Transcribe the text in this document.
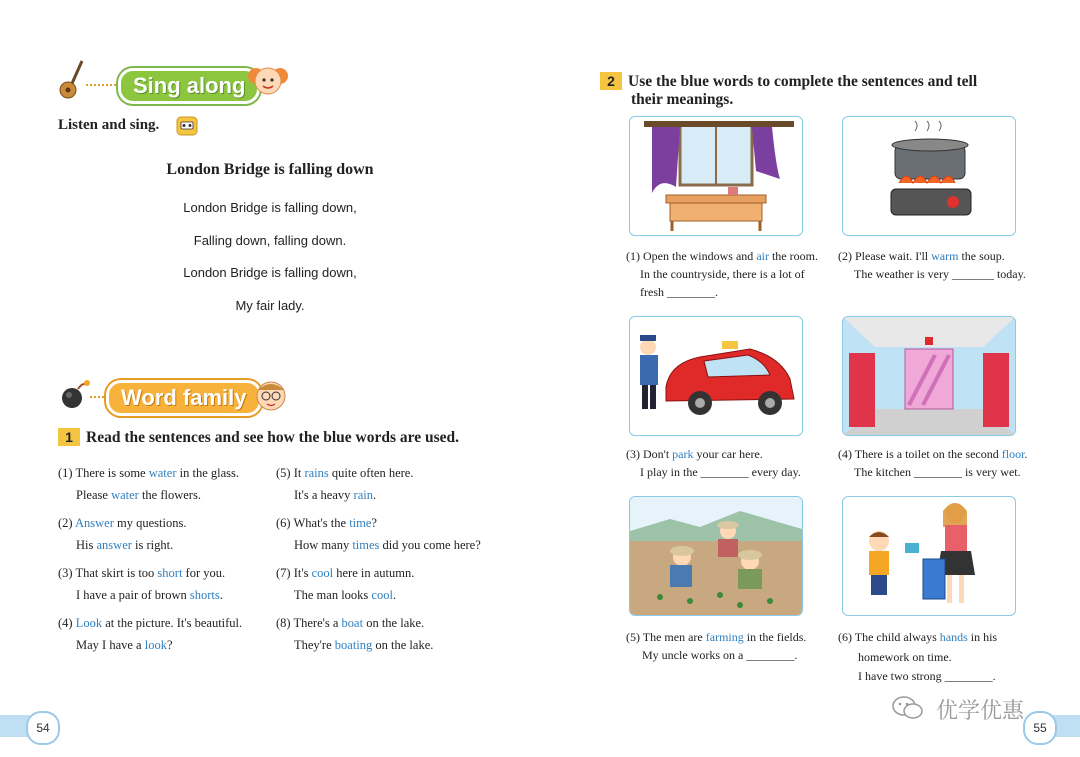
Sing along
Listen and sing.
London Bridge is falling down
London Bridge is falling down,
Falling down, falling down.
London Bridge is falling down,
My fair lady.
Word family
1 Read the sentences and see how the blue words are used.
(1) There is some water in the glass.
Please water the flowers.
(2) Answer my questions.
His answer is right.
(3) That skirt is too short for you.
I have a pair of brown shorts.
(4) Look at the picture. It's beautiful.
May I have a look?
(5) It rains quite often here.
It's a heavy rain.
(6) What's the time?
How many times did you come here?
(7) It's cool here in autumn.
The man looks cool.
(8) There's a boat on the lake.
They're boating on the lake.
2 Use the blue words to complete the sentences and tell
their meanings.
(1) Open the windows and air the room.
In the countryside, there is a lot of
fresh ________.
(2) Please wait. I'll warm the soup.
The weather is very _______ today.
(3) Don't park your car here.
I play in the ________ every day.
(4) There is a toilet on the second floor.
The kitchen ________ is very wet.
(5) The men are farming in the fields.
My uncle works on a ________.
(6) The child always hands in his
homework on time.
I have two strong ________.
54	55
优学优惠
